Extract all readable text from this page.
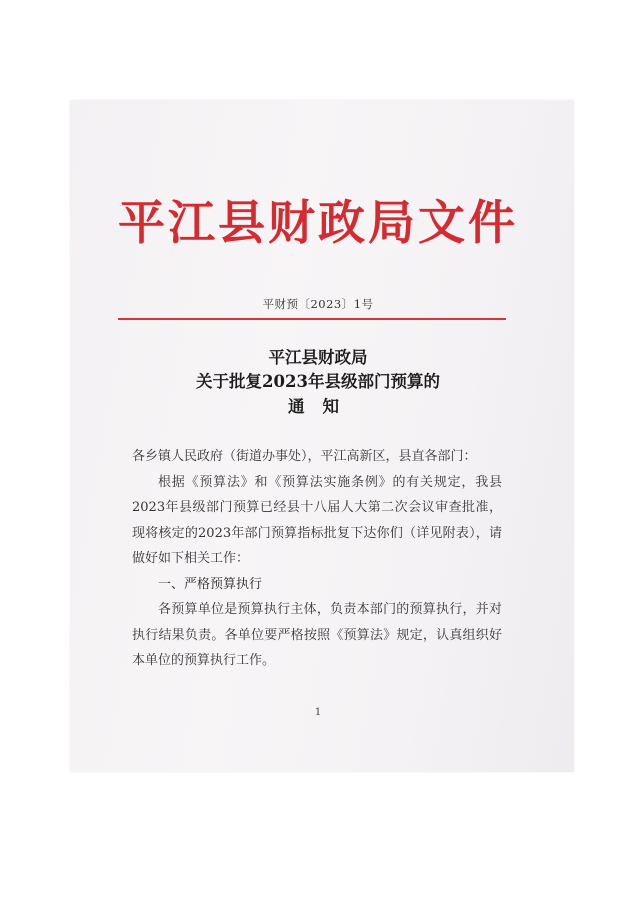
平江县财政局文件
平财预〔2023〕1号
平江县财政局
关于批复2023年县级部门预算的
通知

各乡镇人民政府（街道办事处），平江高新区，县直各部门：

根据《预算法》和《预算法实施条例》的有关规定，我县2023年县级部门预算已经县十八届人大第二次会议审查批准，现将核定的2023年部门预算指标批复下达你们（详见附表），请做好如下相关工作：

一、严格预算执行

各预算单位是预算执行主体，负责本部门的预算执行，并对执行结果负责。各单位要严格按照《预算法》规定，认真组织好本单位的预算执行工作。

1
